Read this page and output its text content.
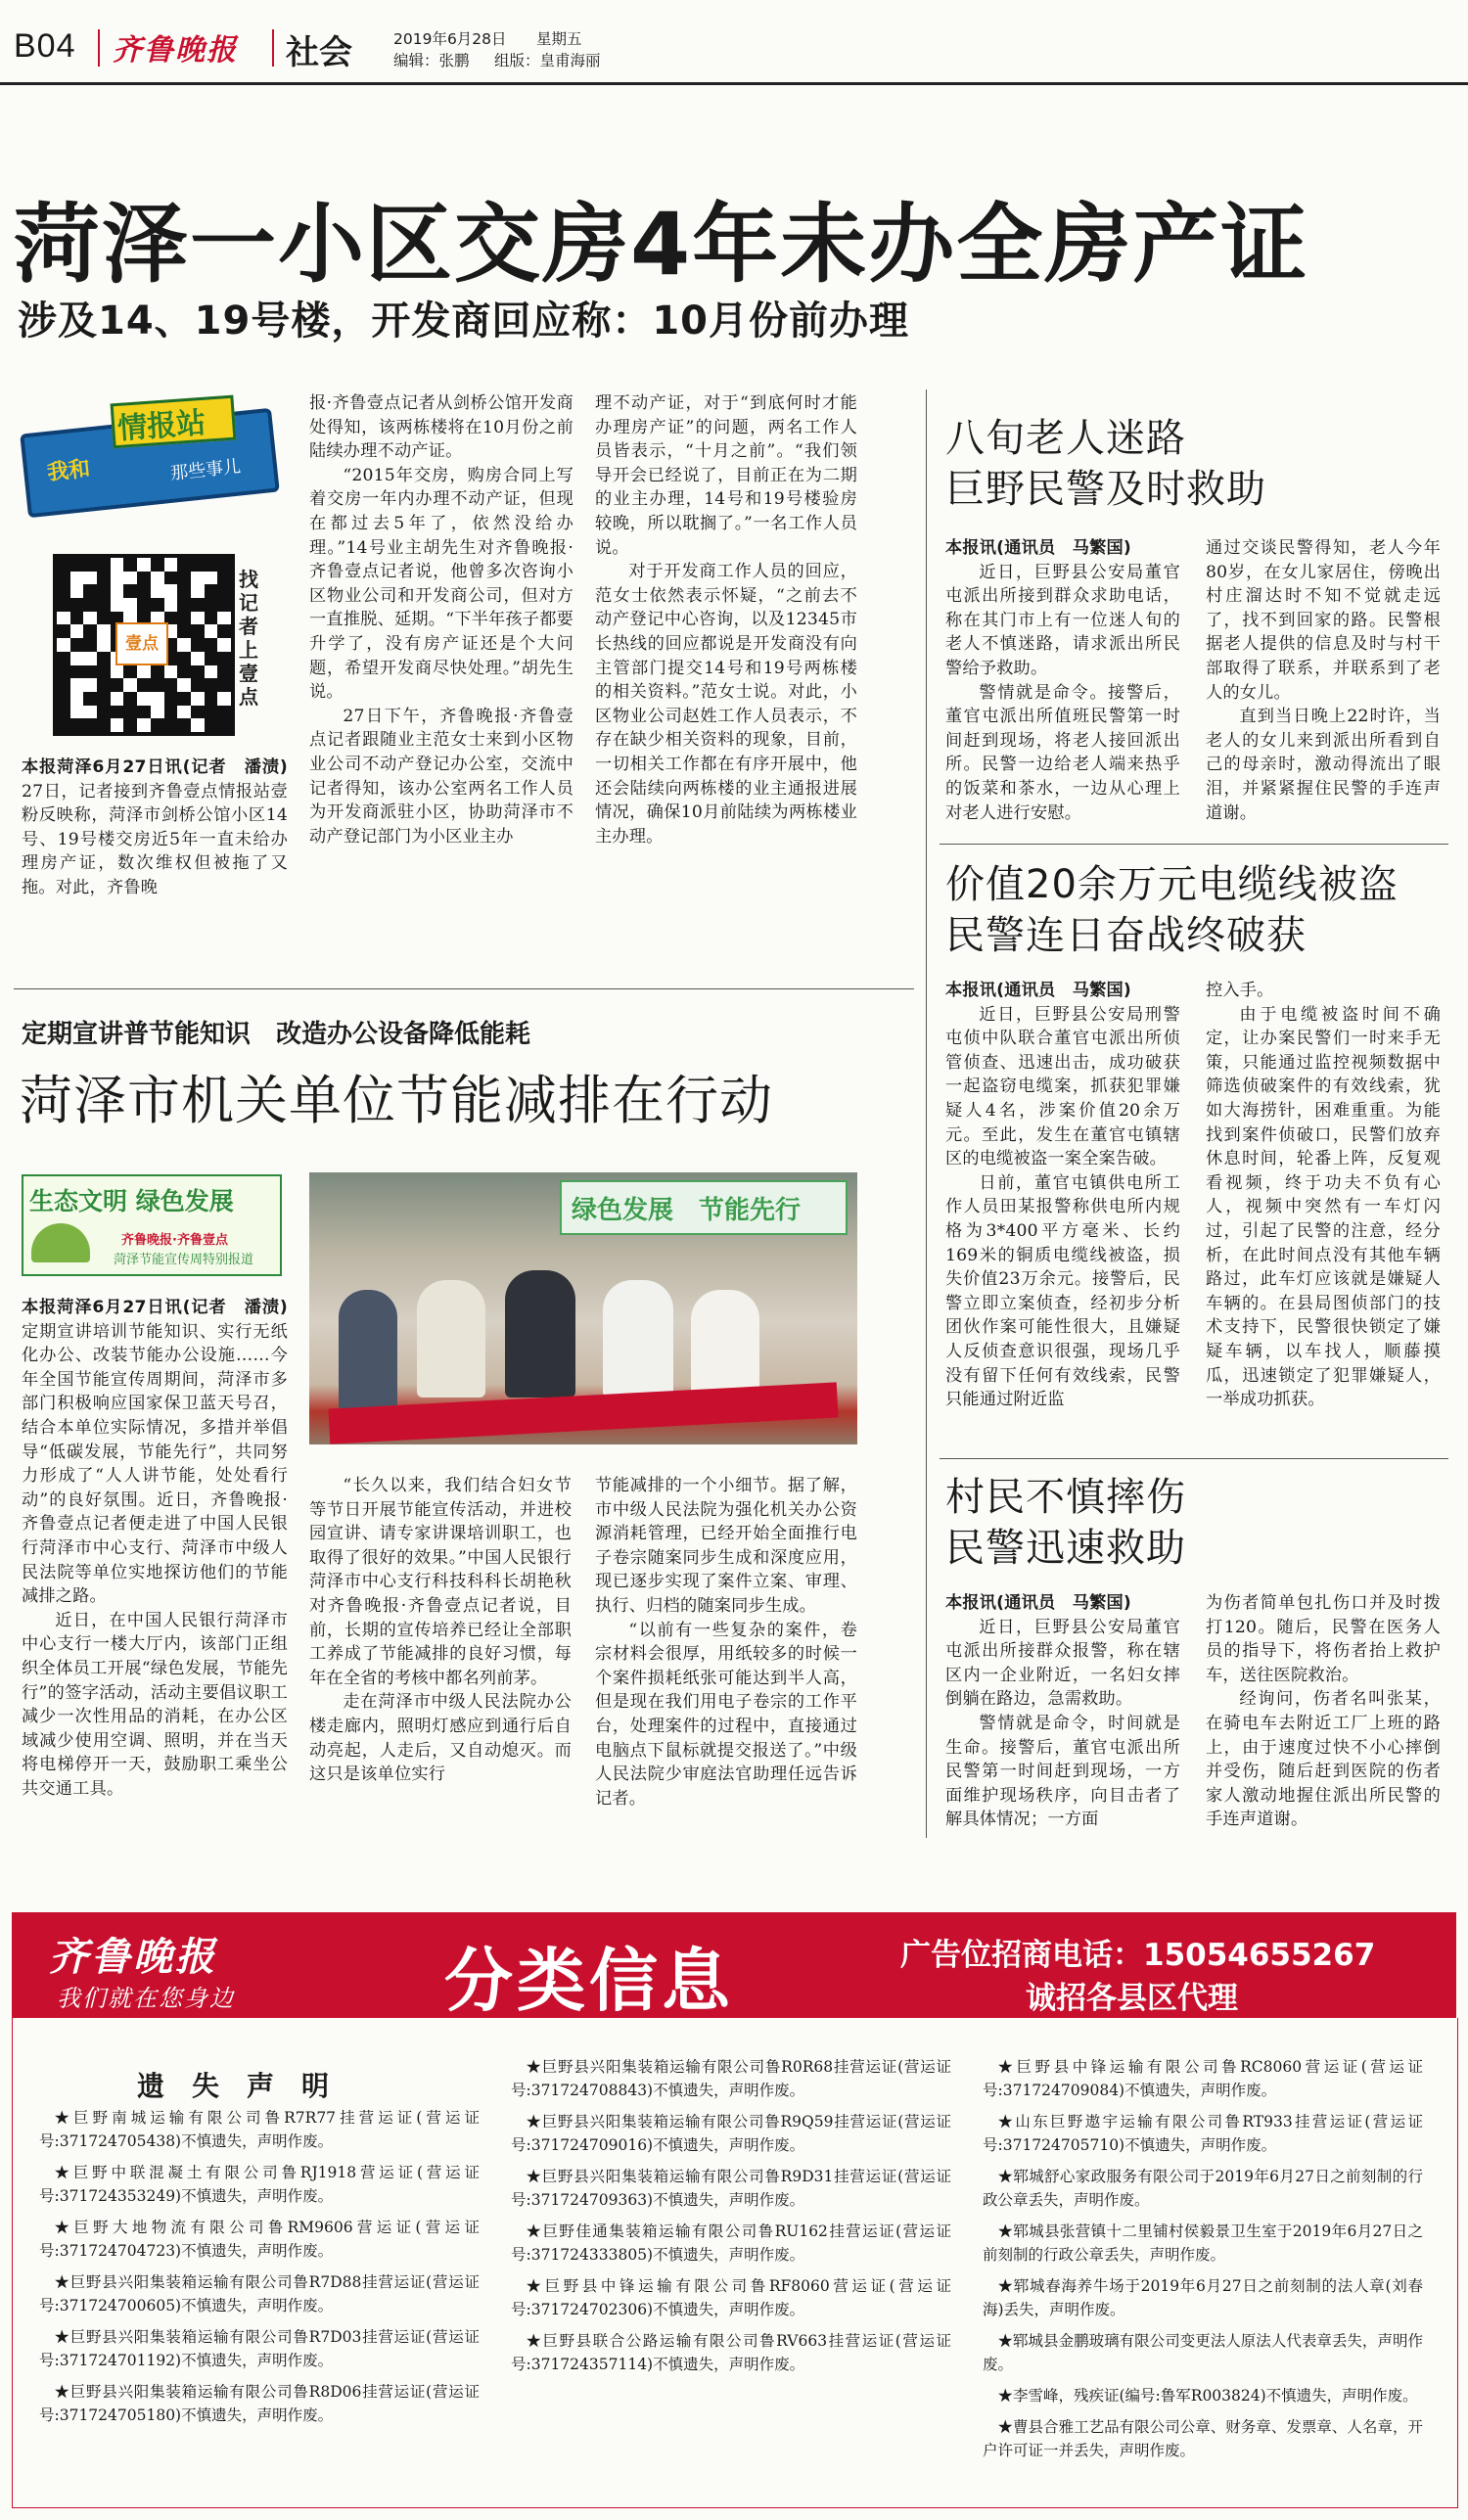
B04 齐鲁晚报 社会	2019年6月28日 星期五
编辑：张鹏 组版：皇甫海丽
菏泽一小区交房4年未办全房产证
涉及14、19号楼，开发商回应称：10月份前办理
情报站
我和	那些事儿
壹点
找记者 上壹点

本报菏泽6月27日讯(记者　潘渍)　27日，记者接到齐鲁壹点情报站壹粉反映称，菏泽市剑桥公馆小区14号、19号楼交房近5年一直未给办理房产证，数次维权但被拖了又拖。对此，齐鲁晚

报·齐鲁壹点记者从剑桥公馆开发商处得知，该两栋楼将在10月份之前陆续办理不动产证。

“2015年交房，购房合同上写着交房一年内办理不动产证，但现在都过去5年了，依然没给办理。”14号业主胡先生对齐鲁晚报·齐鲁壹点记者说，他曾多次咨询小区物业公司和开发商公司，但对方一直推脱、延期。“下半年孩子都要升学了，没有房产证还是个大问题，希望开发商尽快处理。”胡先生说。

27日下午，齐鲁晚报·齐鲁壹点记者跟随业主范女士来到小区物业公司不动产登记办公室，交流中记者得知，该办公室两名工作人员为开发商派驻小区，协助菏泽市不动产登记部门为小区业主办

理不动产证，对于“到底何时才能办理房产证”的问题，两名工作人员皆表示，“十月之前”。“我们领导开会已经说了，目前正在为二期的业主办理，14号和19号楼验房较晚，所以耽搁了。”一名工作人员说。

对于开发商工作人员的回应，范女士依然表示怀疑，“之前去不动产登记中心咨询，以及12345市长热线的回应都说是开发商没有向主管部门提交14号和19号两栋楼的相关资料。”范女士说。对此，小区物业公司赵姓工作人员表示，不存在缺少相关资料的现象，目前，一切相关工作都在有序开展中，他还会陆续向两栋楼的业主通报进展情况，确保10月前陆续为两栋楼业主办理。

定期宣讲普节能知识　改造办公设备降低能耗
菏泽市机关单位节能减排在行动
生态文明 绿色发展
齐鲁晚报·齐鲁壹点
菏泽节能宣传周特别报道
绿色发展　节能先行

本报菏泽6月27日讯(记者　潘渍)　定期宣讲培训节能知识、实行无纸化办公、改装节能办公设施……今年全国节能宣传周期间，菏泽市多部门积极响应国家保卫蓝天号召，结合本单位实际情况，多措并举倡导“低碳发展，节能先行”，共同努力形成了“人人讲节能，处处看行动”的良好氛围。近日，齐鲁晚报·齐鲁壹点记者便走进了中国人民银行菏泽市中心支行、菏泽市中级人民法院等单位实地探访他们的节能减排之路。

近日，在中国人民银行菏泽市中心支行一楼大厅内，该部门正组织全体员工开展“绿色发展，节能先行”的签字活动，活动主要倡议职工减少一次性用品的消耗，在办公区域减少使用空调、照明，并在当天将电梯停开一天，鼓励职工乘坐公共交通工具。

“长久以来，我们结合妇女节等节日开展节能宣传活动，并进校园宣讲、请专家讲课培训职工，也取得了很好的效果。”中国人民银行菏泽市中心支行科技科科长胡艳秋对齐鲁晚报·齐鲁壹点记者说，目前，长期的宣传培养已经让全部职工养成了节能减排的良好习惯，每年在全省的考核中都名列前茅。

走在菏泽市中级人民法院办公楼走廊内，照明灯感应到通行后自动亮起，人走后，又自动熄灭。而这只是该单位实行

节能减排的一个小细节。据了解，市中级人民法院为强化机关办公资源消耗管理，已经开始全面推行电子卷宗随案同步生成和深度应用，现已逐步实现了案件立案、审理、执行、归档的随案同步生成。

“以前有一些复杂的案件，卷宗材料会很厚，用纸较多的时候一个案件损耗纸张可能达到半人高，但是现在我们用电子卷宗的工作平台，处理案件的过程中，直接通过电脑点下鼠标就提交报送了。”中级人民法院少审庭法官助理任远告诉记者。

八旬老人迷路
巨野民警及时救助

本报讯(通讯员　马繁国)

近日，巨野县公安局董官屯派出所接到群众求助电话，称在其门市上有一位迷人旬的老人不慎迷路，请求派出所民警给予救助。

警情就是命令。接警后，董官屯派出所值班民警第一时间赶到现场，将老人接回派出所。民警一边给老人端来热乎的饭菜和茶水，一边从心理上对老人进行安慰。

通过交谈民警得知，老人今年80岁，在女儿家居住，傍晚出村庄溜达时不知不觉就走远了，找不到回家的路。民警根据老人提供的信息及时与村干部取得了联系，并联系到了老人的女儿。

直到当日晚上22时许，当老人的女儿来到派出所看到自己的母亲时，激动得流出了眼泪，并紧紧握住民警的手连声道谢。

价值20余万元电缆线被盗
民警连日奋战终破获

本报讯(通讯员　马繁国)

近日，巨野县公安局刑警屯侦中队联合董官屯派出所侦管侦查、迅速出击，成功破获一起盗窃电缆案，抓获犯罪嫌疑人4名，涉案价值20余万元。至此，发生在董官屯镇辖区的电缆被盗一案全案告破。

日前，董官屯镇供电所工作人员田某报警称供电所内规格为3*400平方毫米、长约169米的铜质电缆线被盗，损失价值23万余元。接警后，民警立即立案侦查，经初步分析团伙作案可能性很大，且嫌疑人反侦查意识很强，现场几乎没有留下任何有效线索，民警只能通过附近监

控入手。

由于电缆被盗时间不确定，让办案民警们一时来手无策，只能通过监控视频数据中筛选侦破案件的有效线索，犹如大海捞针，困难重重。为能找到案件侦破口，民警们放弃休息时间，轮番上阵，反复观看视频，终于功夫不负有心人，视频中突然有一车灯闪过，引起了民警的注意，经分析，在此时间点没有其他车辆路过，此车灯应该就是嫌疑人车辆的。在县局图侦部门的技术支持下，民警很快锁定了嫌疑车辆，以车找人，顺藤摸瓜，迅速锁定了犯罪嫌疑人，一举成功抓获。

村民不慎摔伤
民警迅速救助

本报讯(通讯员　马繁国)

近日，巨野县公安局董官屯派出所接群众报警，称在辖区内一企业附近，一名妇女摔倒躺在路边，急需救助。

警情就是命令，时间就是生命。接警后，董官屯派出所民警第一时间赶到现场，一方面维护现场秩序，向目击者了解具体情况；一方面

为伤者简单包扎伤口并及时拨打120。随后，民警在医务人员的指导下，将伤者抬上救护车，送往医院救治。

经询问，伤者名叫张某，在骑电车去附近工厂上班的路上，由于速度过快不小心摔倒并受伤，随后赶到医院的伤者家人激动地握住派出所民警的手连声道谢。

齐鲁晚报
我们就在您身边	分类信息	广告位招商电话：15054655267
诚招各县区代理
遗　失　声　明

★巨野南城运输有限公司鲁R7R77挂营运证(营运证号:371724705438)不慎遗失，声明作废。

★巨野中联混凝土有限公司鲁RJ1918营运证(营运证号:371724353249)不慎遗失，声明作废。

★巨野大地物流有限公司鲁RM9606营运证(营运证号:371724704723)不慎遗失，声明作废。

★巨野县兴阳集装箱运输有限公司鲁R7D88挂营运证(营运证号:371724700605)不慎遗失，声明作废。

★巨野县兴阳集装箱运输有限公司鲁R7D03挂营运证(营运证号:371724701192)不慎遗失，声明作废。

★巨野县兴阳集装箱运输有限公司鲁R8D06挂营运证(营运证号:371724705180)不慎遗失，声明作废。

★巨野县兴阳集装箱运输有限公司鲁R0R68挂营运证(营运证号:371724708843)不慎遗失，声明作废。

★巨野县兴阳集装箱运输有限公司鲁R9Q59挂营运证(营运证号:371724709016)不慎遗失，声明作废。

★巨野县兴阳集装箱运输有限公司鲁R9D31挂营运证(营运证号:371724709363)不慎遗失，声明作废。

★巨野佳通集装箱运输有限公司鲁RU162挂营运证(营运证号:371724333805)不慎遗失，声明作废。

★巨野县中锋运输有限公司鲁RF8060营运证(营运证号:371724702306)不慎遗失，声明作废。

★巨野县联合公路运输有限公司鲁RV663挂营运证(营运证号:371724357114)不慎遗失，声明作废。

★巨野县中锋运输有限公司鲁RC8060营运证(营运证号:371724709084)不慎遗失，声明作废。

★山东巨野遨宇运输有限公司鲁RT933挂营运证(营运证号:371724705710)不慎遗失，声明作废。

★郓城舒心家政服务有限公司于2019年6月27日之前刻制的行政公章丢失，声明作废。

★郓城县张营镇十二里铺村侯毅景卫生室于2019年6月27日之前刻制的行政公章丢失，声明作废。

★郓城春海养牛场于2019年6月27日之前刻制的法人章(刘春海)丢失，声明作废。

★郓城县金鹏玻璃有限公司变更法人原法人代表章丢失，声明作废。

★李雪峰，残疾证(编号:鲁军R003824)不慎遗失，声明作废。

★曹县合雅工艺品有限公司公章、财务章、发票章、人名章，开户许可证一并丢失，声明作废。
